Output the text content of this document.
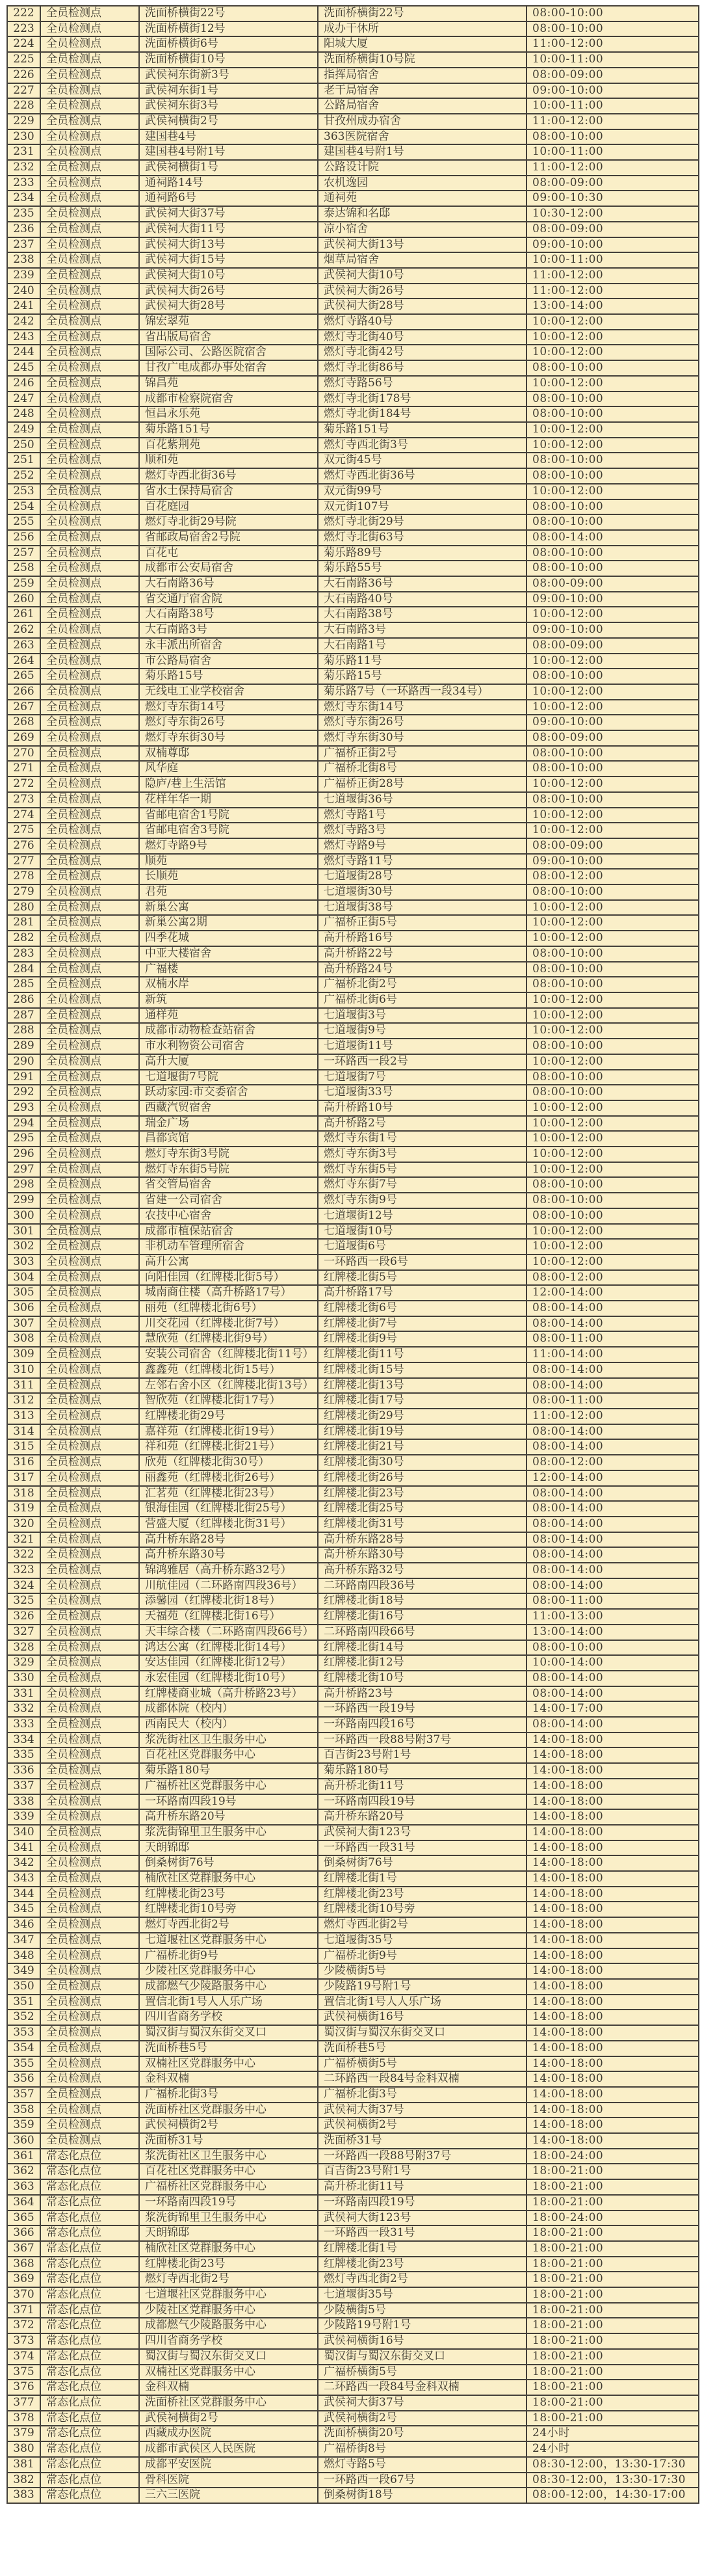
222	全员检测点	洗面桥横街22号	洗面桥横街22号	08:00-10:00
223	全员检测点	洗面桥横街12号	成办干休所	08:00-10:00
224	全员检测点	洗面桥横街6号	阳城大厦	11:00-12:00
225	全员检测点	洗面桥横街10号	洗面桥横街10号院	10:00-11:00
226	全员检测点	武侯祠东街新3号	指挥局宿舍	08:00-09:00
227	全员检测点	武侯祠东街1号	老干局宿舍	09:00-10:00
228	全员检测点	武侯祠东街3号	公路局宿舍	10:00-11:00
229	全员检测点	武侯祠横街2号	甘孜州成办宿舍	11:00-12:00
230	全员检测点	建国巷4号	363医院宿舍	08:00-10:00
231	全员检测点	建国巷4号附1号	建国巷4号附1号	10:00-11:00
232	全员检测点	武侯祠横街1号	公路设计院	11:00-12:00
233	全员检测点	通祠路14号	农机逸园	08:00-09:00
234	全员检测点	通祠路6号	通祠苑	09:00-10:30
235	全员检测点	武侯祠大街37号	泰达锦和名邸	10:30-12:00
236	全员检测点	武侯祠大街11号	凉小宿舍	08:00-09:00
237	全员检测点	武侯祠大街13号	武侯祠大街13号	09:00-10:00
238	全员检测点	武侯祠大街15号	烟草局宿舍	10:00-11:00
239	全员检测点	武侯祠大街10号	武侯祠大街10号	11:00-12:00
240	全员检测点	武侯祠大街26号	武侯祠大街26号	11:00-12:00
241	全员检测点	武侯祠大街28号	武侯祠大街28号	13:00-14:00
242	全员检测点	锦宏翠苑	燃灯寺路40号	10:00-12:00
243	全员检测点	省出版局宿舍	燃灯寺北街40号	10:00-12:00
244	全员检测点	国际公司、公路医院宿舍	燃灯寺北街42号	10:00-12:00
245	全员检测点	甘孜广电成都办事处宿舍	燃灯寺北街86号	08:00-10:00
246	全员检测点	锦昌苑	燃灯寺路56号	10:00-12:00
247	全员检测点	成都市检察院宿舍	燃灯寺北街178号	08:00-10:00
248	全员检测点	恒昌永乐苑	燃灯寺北街184号	08:00-10:00
249	全员检测点	菊乐路151号	菊乐路151号	10:00-12:00
250	全员检测点	百花紫荆苑	燃灯寺西北街3号	10:00-12:00
251	全员检测点	顺和苑	双元街45号	08:00-10:00
252	全员检测点	燃灯寺西北街36号	燃灯寺西北街36号	08:00-10:00
253	全员检测点	省水土保持局宿舍	双元街99号	10:00-12:00
254	全员检测点	百花庭园	双元街107号	08:00-10:00
255	全员检测点	燃灯寺北街29号院	燃灯寺北街29号	08:00-10:00
256	全员检测点	省邮政局宿舍2号院	燃灯寺北街63号	08:00-14:00
257	全员检测点	百花屯	菊乐路89号	08:00-10:00
258	全员检测点	成都市公安局宿舍	菊乐路55号	08:00-10:00
259	全员检测点	大石南路36号	大石南路36号	08:00-09:00
260	全员检测点	省交通厅宿舍院	大石南路40号	09:00-10:00
261	全员检测点	大石南路38号	大石南路38号	10:00-12:00
262	全员检测点	大石南路3号	大石南路3号	09:00-10:00
263	全员检测点	永丰派出所宿舍	大石南路1号	08:00-09:00
264	全员检测点	市公路局宿舍	菊乐路11号	10:00-12:00
265	全员检测点	菊乐路15号	菊乐路15号	08:00-10:00
266	全员检测点	无线电工业学校宿舍	菊乐路7号（一环路西一段34号）	10:00-12:00
267	全员检测点	燃灯寺东街14号	燃灯寺东街14号	10:00-12:00
268	全员检测点	燃灯寺东街26号	燃灯寺东街26号	09:00-10:00
269	全员检测点	燃灯寺东街30号	燃灯寺东街30号	08:00-09:00
270	全员检测点	双楠尊邸	广福桥正街2号	08:00-10:00
271	全员检测点	风华庭	广福桥北街8号	08:00-10:00
272	全员检测点	隐庐/巷上生活馆	广福桥正街28号	10:00-12:00
273	全员检测点	花样年华一期	七道堰街36号	08:00-10:00
274	全员检测点	省邮电宿舍1号院	燃灯寺路1号	10:00-12:00
275	全员检测点	省邮电宿舍3号院	燃灯寺路3号	10:00-12:00
276	全员检测点	燃灯寺路9号	燃灯寺路9号	08:00-09:00
277	全员检测点	顺苑	燃灯寺路11号	09:00-10:00
278	全员检测点	长顺苑	七道堰街28号	08:00-12:00
279	全员检测点	君苑	七道堰街30号	08:00-10:00
280	全员检测点	新巢公寓	七道堰街38号	10:00-12:00
281	全员检测点	新巢公寓2期	广福桥正街5号	10:00-12:00
282	全员检测点	四季花城	高升桥路16号	10:00-12:00
283	全员检测点	中亚大楼宿舍	高升桥路22号	08:00-10:00
284	全员检测点	广福楼	高升桥路24号	08:00-10:00
285	全员检测点	双楠水岸	广福桥北街2号	08:00-10:00
286	全员检测点	新筑	广福桥北街6号	10:00-12:00
287	全员检测点	通样苑	七道堰街3号	10:00-12:00
288	全员检测点	成都市动物检查站宿舍	七道堰街9号	10:00-12:00
289	全员检测点	市水利物资公司宿舍	七道堰街11号	08:00-10:00
290	全员检测点	高升大厦	一环路西一段2号	10:00-12:00
291	全员检测点	七道堰街7号院	七道堰街7号	08:00-10:00
292	全员检测点	跃动家园:市交委宿舍	七道堰街33号	08:00-10:00
293	全员检测点	西藏汽贸宿舍	高升桥路10号	10:00-12:00
294	全员检测点	瑞金广场	高升桥路2号	10:00-12:00
295	全员检测点	昌都宾馆	燃灯寺东街1号	10:00-12:00
296	全员检测点	燃灯寺东街3号院	燃灯寺东街3号	10:00-12:00
297	全员检测点	燃灯寺东街5号院	燃灯寺东街5号	10:00-12:00
298	全员检测点	省交管局宿舍	燃灯寺东街7号	08:00-10:00
299	全员检测点	省建一公司宿舍	燃灯寺东街9号	08:00-10:00
300	全员检测点	农技中心宿舍	七道堰街12号	08:00-10:00
301	全员检测点	成都市植保站宿舍	七道堰街10号	10:00-12:00
302	全员检测点	非机动车管理所宿舍	七道堰街6号	10:00-12:00
303	全员检测点	高升公寓	一环路西一段6号	10:00-12:00
304	全员检测点	向阳佳园（红牌楼北街5号）	红牌楼北街5号	08:00-12:00
305	全员检测点	城南商住楼（高升桥路17号）	高升桥路17号	12:00-14:00
306	全员检测点	丽苑（红牌楼北街6号）	红牌楼北街6号	08:00-14:00
307	全员检测点	川交花园（红牌楼北街7号）	红牌楼北街7号	08:00-14:00
308	全员检测点	慧欣苑（红牌楼北街9号）	红牌楼北街9号	08:00-11:00
309	全员检测点	安装公司宿舍（红牌楼北街11号）	红牌楼北街11号	11:00-14:00
310	全员检测点	鑫鑫苑（红牌楼北街15号）	红牌楼北街15号	08:00-14:00
311	全员检测点	左邻右舍小区（红牌楼北街13号）	红牌楼北街13号	08:00-14:00
312	全员检测点	智欣苑（红牌楼北街17号）	红牌楼北街17号	08:00-11:00
313	全员检测点	红牌楼北街29号	红牌楼北街29号	11:00-12:00
314	全员检测点	嘉祥苑（红牌楼北街19号）	红牌楼北街19号	08:00-14:00
315	全员检测点	祥和苑（红牌楼北街21号）	红牌楼北街21号	08:00-14:00
316	全员检测点	欣苑（红牌楼北街30号）	红牌楼北街30号	08:00-12:00
317	全员检测点	丽鑫苑（红牌楼北街26号）	红牌楼北街26号	12:00-14:00
318	全员检测点	汇茗苑（红牌楼北街23号）	红牌楼北街23号	08:00-14:00
319	全员检测点	银海佳园（红牌楼北街25号）	红牌楼北街25号	08:00-14:00
320	全员检测点	营盛大厦（红牌楼北街31号）	红牌楼北街31号	08:00-14:00
321	全员检测点	高升桥东路28号	高升桥东路28号	08:00-14:00
322	全员检测点	高升桥东路30号	高升桥东路30号	08:00-14:00
323	全员检测点	锦鸿雅居（高升桥东路32号）	高升桥东路32号	08:00-14:00
324	全员检测点	川航佳园（二环路南四段36号）	二环路南四段36号	08:00-14:00
325	全员检测点	添馨园（红牌楼北街18号）	红牌楼北街18号	08:00-11:00
326	全员检测点	天福苑（红牌楼北街16号）	红牌楼北街16号	11:00-13:00
327	全员检测点	天丰综合楼（二环路南四段66号）	二环路南四段66号	13:00-14:00
328	全员检测点	鸿达公寓（红牌楼北街14号）	红牌楼北街14号	08:00-10:00
329	全员检测点	安达佳园（红牌楼北街12号）	红牌楼北街12号	10:00-14:00
330	全员检测点	永宏佳园（红牌楼北街10号）	红牌楼北街10号	08:00-14:00
331	全员检测点	红牌楼商业城（高升桥路23号）	高升桥路23号	08:00-14:00
332	全员检测点	成都体院（校内）	一环路西一段19号	14:00-17:00
333	全员检测点	西南民大（校内）	一环路南四段16号	08:00-14:00
334	全员检测点	浆洗街社区卫生服务中心	一环路西一段88号附37号	14:00-18:00
335	全员检测点	百花社区党群服务中心	百吉街23号附1号	14:00-18:00
336	全员检测点	菊乐路180号	菊乐路180号	14:00-18:00
337	全员检测点	广福桥社区党群服务中心	高升桥北街11号	14:00-18:00
338	全员检测点	一环路南四段19号	一环路南四段19号	14:00-18:00
339	全员检测点	高升桥东路20号	高升桥东路20号	14:00-18:00
340	全员检测点	浆洗街锦里卫生服务中心	武侯祠大街123号	14:00-18:00
341	全员检测点	天朗锦邸	一环路西一段31号	14:00-18:00
342	全员检测点	倒桑树街76号	倒桑树街76号	14:00-18:00
343	全员检测点	楠欣社区党群服务中心	红牌楼北街1号	14:00-18:00
344	全员检测点	红牌楼北街23号	红牌楼北街23号	14:00-18:00
345	全员检测点	红牌楼北街10号旁	红牌楼北街10号旁	14:00-18:00
346	全员检测点	燃灯寺西北街2号	燃灯寺西北街2号	14:00-18:00
347	全员检测点	七道堰社区党群服务中心	七道堰街35号	14:00-18:00
348	全员检测点	广福桥北街9号	广福桥北街9号	14:00-18:00
349	全员检测点	少陵社区党群服务中心	少陵横街5号	14:00-18:00
350	全员检测点	成都燃气少陵路服务中心	少陵路19号附1号	14:00-18:00
351	全员检测点	置信北街1号人人乐广场	置信北街1号人人乐广场	14:00-18:00
352	全员检测点	四川省商务学校	武侯祠横街16号	14:00-18:00
353	全员检测点	蜀汉街与蜀汉东街交叉口	蜀汉街与蜀汉东街交叉口	14:00-18:00
354	全员检测点	洗面桥巷5号	洗面桥巷5号	14:00-18:00
355	全员检测点	双楠社区党群服务中心	广福桥横街5号	14:00-18:00
356	全员检测点	金科双楠	二环路西一段84号金科双楠	14:00-18:00
357	全员检测点	广福桥北街3号	广福桥北街3号	14:00-18:00
358	全员检测点	洗面桥社区党群服务中心	武侯祠大街37号	14:00-18:00
359	全员检测点	武侯祠横街2号	武侯祠横街2号	14:00-18:00
360	全员检测点	洗面桥31号	洗面桥31号	14:00-18:00
361	常态化点位	浆洗街社区卫生服务中心	一环路西一段88号附37号	18:00-24:00
362	常态化点位	百花社区党群服务中心	百吉街23号附1号	18:00-21:00
363	常态化点位	广福桥社区党群服务中心	高升桥北街11号	18:00-21:00
364	常态化点位	一环路南四段19号	一环路南四段19号	18:00-21:00
365	常态化点位	浆洗街锦里卫生服务中心	武侯祠大街123号	18:00-24:00
366	常态化点位	天朗锦邸	一环路西一段31号	18:00-21:00
367	常态化点位	楠欣社区党群服务中心	红牌楼北街1号	18:00-21:00
368	常态化点位	红牌楼北街23号	红牌楼北街23号	18:00-21:00
369	常态化点位	燃灯寺西北街2号	燃灯寺西北街2号	18:00-21:00
370	常态化点位	七道堰社区党群服务中心	七道堰街35号	18:00-21:00
371	常态化点位	少陵社区党群服务中心	少陵横街5号	18:00-21:00
372	常态化点位	成都燃气少陵路服务中心	少陵路19号附1号	18:00-21:00
373	常态化点位	四川省商务学校	武侯祠横街16号	18:00-21:00
374	常态化点位	蜀汉街与蜀汉东街交叉口	蜀汉街与蜀汉东街交叉口	18:00-21:00
375	常态化点位	双楠社区党群服务中心	广福桥横街5号	18:00-21:00
376	常态化点位	金科双楠	二环路西一段84号金科双楠	18:00-21:00
377	常态化点位	洗面桥社区党群服务中心	武侯祠大街37号	18:00-21:00
378	常态化点位	武侯祠横街2号	武侯祠横街2号	18:00-21:00
379	常态化点位	西藏成办医院	洗面桥横街20号	24小时
380	常态化点位	成都市武侯区人民医院	广福桥街8号	24小时
381	常态化点位	成都平安医院	燃灯寺路5号	08:30-12:00，13:30-17:30
382	常态化点位	骨科医院	一环路西一段67号	08:30-12:00，13:30-17:30
383	常态化点位	三六三医院	倒桑树街18号	08:00-12:00，14:30-17:00
